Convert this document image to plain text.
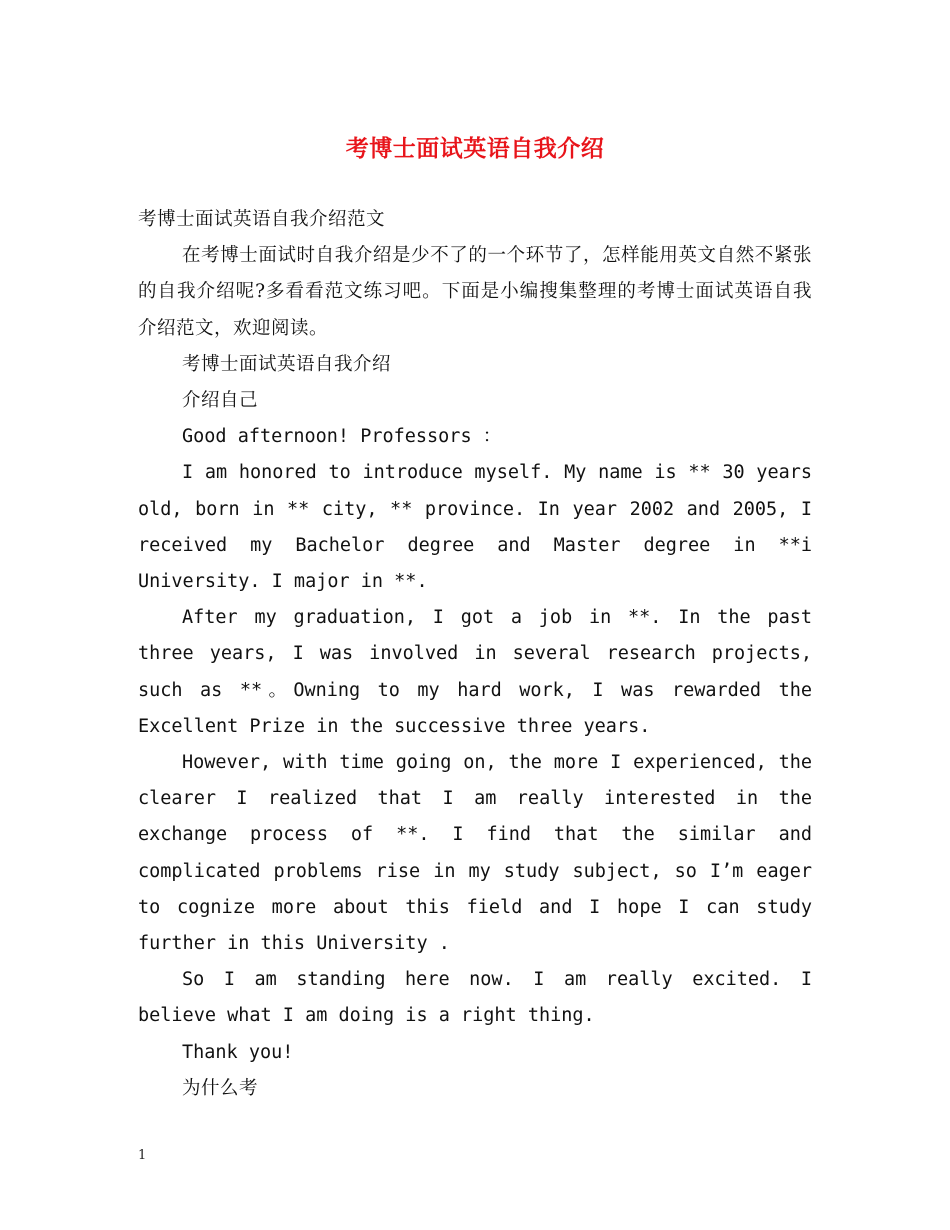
考博士面试英语自我介绍

考博士面试英语自我介绍范文

在考博士面试时自我介绍是少不了的一个环节了，怎样能用英文自然不紧张的自我介绍呢?多看看范文练习吧。下面是小编搜集整理的考博士面试英语自我介绍范文，欢迎阅读。

考博士面试英语自我介绍

介绍自己

Good afternoon! Professors ：

I am honored to introduce myself. My name is ** 30 years old, born in ** city, ** province. In year 2002 and 2005, I received my Bachelor degree and Master degree in **i University. I major in **.

After my graduation, I got a job in **. In the past three years, I was involved in several research projects, such as **。Owning to my hard work, I was rewarded the Excellent Prize in the successive three years.

However, with time going on, the more I experienced, the clearer I realized that I am really interested in the exchange process of **. I find that the similar and complicated problems rise in my study subject, so I’m eager to cognize more about this field and I hope I can study further in this University .

So I am standing here now. I am really excited. I believe what I am doing is a right thing.

Thank you!

为什么考

1
